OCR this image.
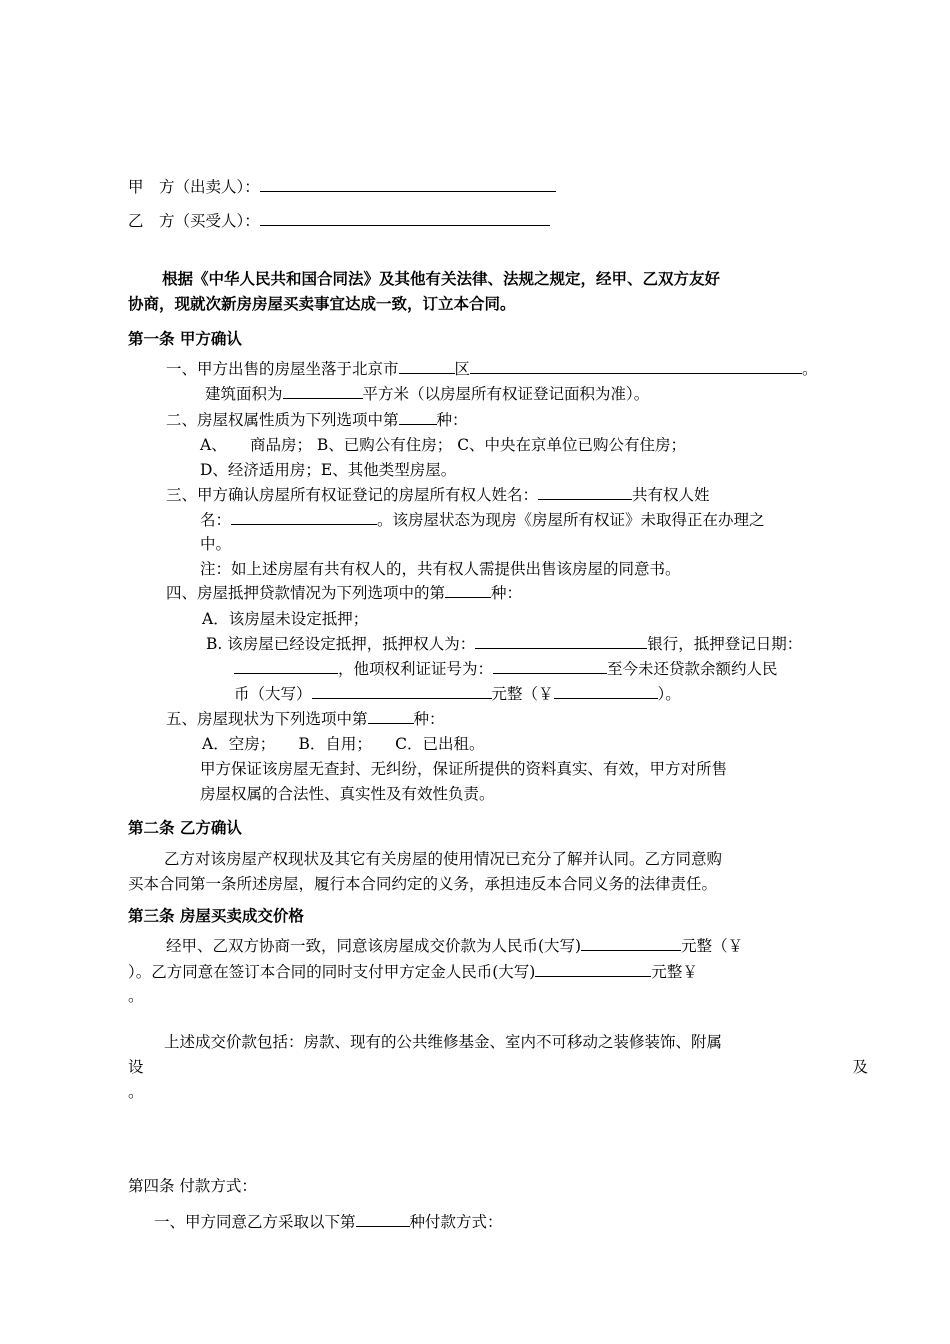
甲　方（出卖人）：
乙　方（买受人）：
根据《中华人民共和国合同法》及其他有关法律、法规之规定，经甲、乙双方友好
协商，现就次新房房屋买卖事宜达成一致，订立本合同。
第一条 甲方确认
一、甲方出售的房屋坐落于北京市	区	。
建筑面积为	平方米（以房屋所有权证登记面积为准）。
二、房屋权属性质为下列选项中第 种：
A、　　商品房； B、已购公有住房； C、中央在京单位已购公有住房；
D、经济适用房；E、其他类型房屋。
三、甲方确认房屋所有权证登记的房屋所有权人姓名：	共有权人姓
名：	。该房屋状态为现房《房屋所有权证》未取得正在办理之
中。
注：如上述房屋有共有权人的，共有权人需提供出售该房屋的同意书。
四、房屋抵押贷款情况为下列选项中的第	种：
A．该房屋未设定抵押；
B. 该房屋已经设定抵押，抵押权人为：	银行，抵押登记日期：
，他项权利证证号为：	至今未还贷款余额约人民
币（大写）	元整（￥	）。
五、房屋现状为下列选项中第	种：
A．空房；　　B．自用；　　C．已出租。
甲方保证该房屋无查封、无纠纷，保证所提供的资料真实、有效，甲方对所售
房屋权属的合法性、真实性及有效性负责。
第二条 乙方确认
乙方对该房屋产权现状及其它有关房屋的使用情况已充分了解并认同。乙方同意购
买本合同第一条所述房屋，履行本合同约定的义务，承担违反本合同义务的法律责任。
第三条 房屋买卖成交价格
经甲、乙双方协商一致，同意该房屋成交价款为人民币(大写)	元整（￥
）。乙方同意在签订本合同的同时支付甲方定金人民币(大写)	元整￥
。
上述成交价款包括：房款、现有的公共维修基金、室内不可移动之装修装饰、附属
设	及
。
第四条 付款方式：
一、甲方同意乙方采取以下第	种付款方式：
